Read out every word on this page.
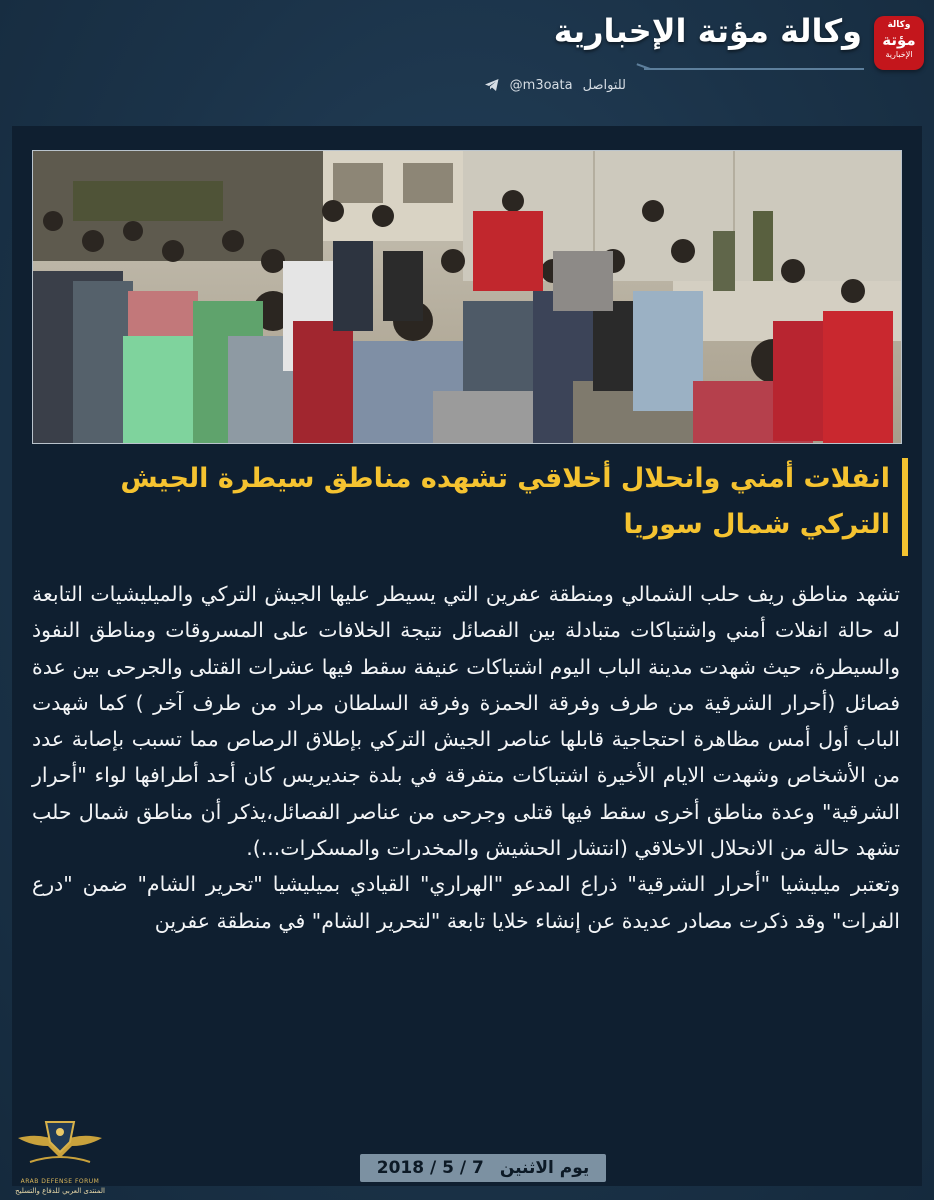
وكالة
مؤتة
الإخبارية
وكالة مؤتة الإخبارية
للتواصل
@m3oata
انفلات أمني وانحلال أخلاقي تشهده مناطق سيطرة الجيش التركي شمال سوريا

تشهد مناطق ريف حلب الشمالي ومنطقة عفرين التي يسيطر عليها الجيش التركي والميليشيات التابعة له حالة انفلات أمني واشتباكات متبادلة بين الفصائل نتيجة الخلافات على المسروقات ومناطق النفوذ والسيطرة، حيث شهدت مدينة الباب اليوم اشتباكات عنيفة سقط فيها عشرات القتلى والجرحى بين عدة فصائل (أحرار الشرقية من طرف وفرقة الحمزة وفرقة السلطان مراد من طرف آخر ) كما شهدت الباب أول أمس مظاهرة احتجاجية قابلها عناصر الجيش التركي بإطلاق الرصاص مما تسبب بإصابة عدد من الأشخاص وشهدت الايام الأخيرة اشتباكات متفرقة في بلدة جنديريس كان أحد أطرافها لواء "أحرار الشرقية" وعدة مناطق أخرى سقط فيها قتلى وجرحى من عناصر الفصائل،يذكر أن مناطق شمال حلب تشهد حالة من الانحلال الاخلاقي (انتشار الحشيش والمخدرات والمسكرات...).

وتعتبر ميليشيا "أحرار الشرقية" ذراع المدعو "الهراري" القيادي بميليشيا "تحرير الشام" ضمن "درع الفرات" وقد ذكرت مصادر عديدة عن إنشاء خلايا تابعة "لتحرير الشام" في منطقة عفرين

يوم الاثنين
2018 / 5 / 7
ARAB DEFENSE FORUM
المنتدى العربي للدفاع والتسليح
